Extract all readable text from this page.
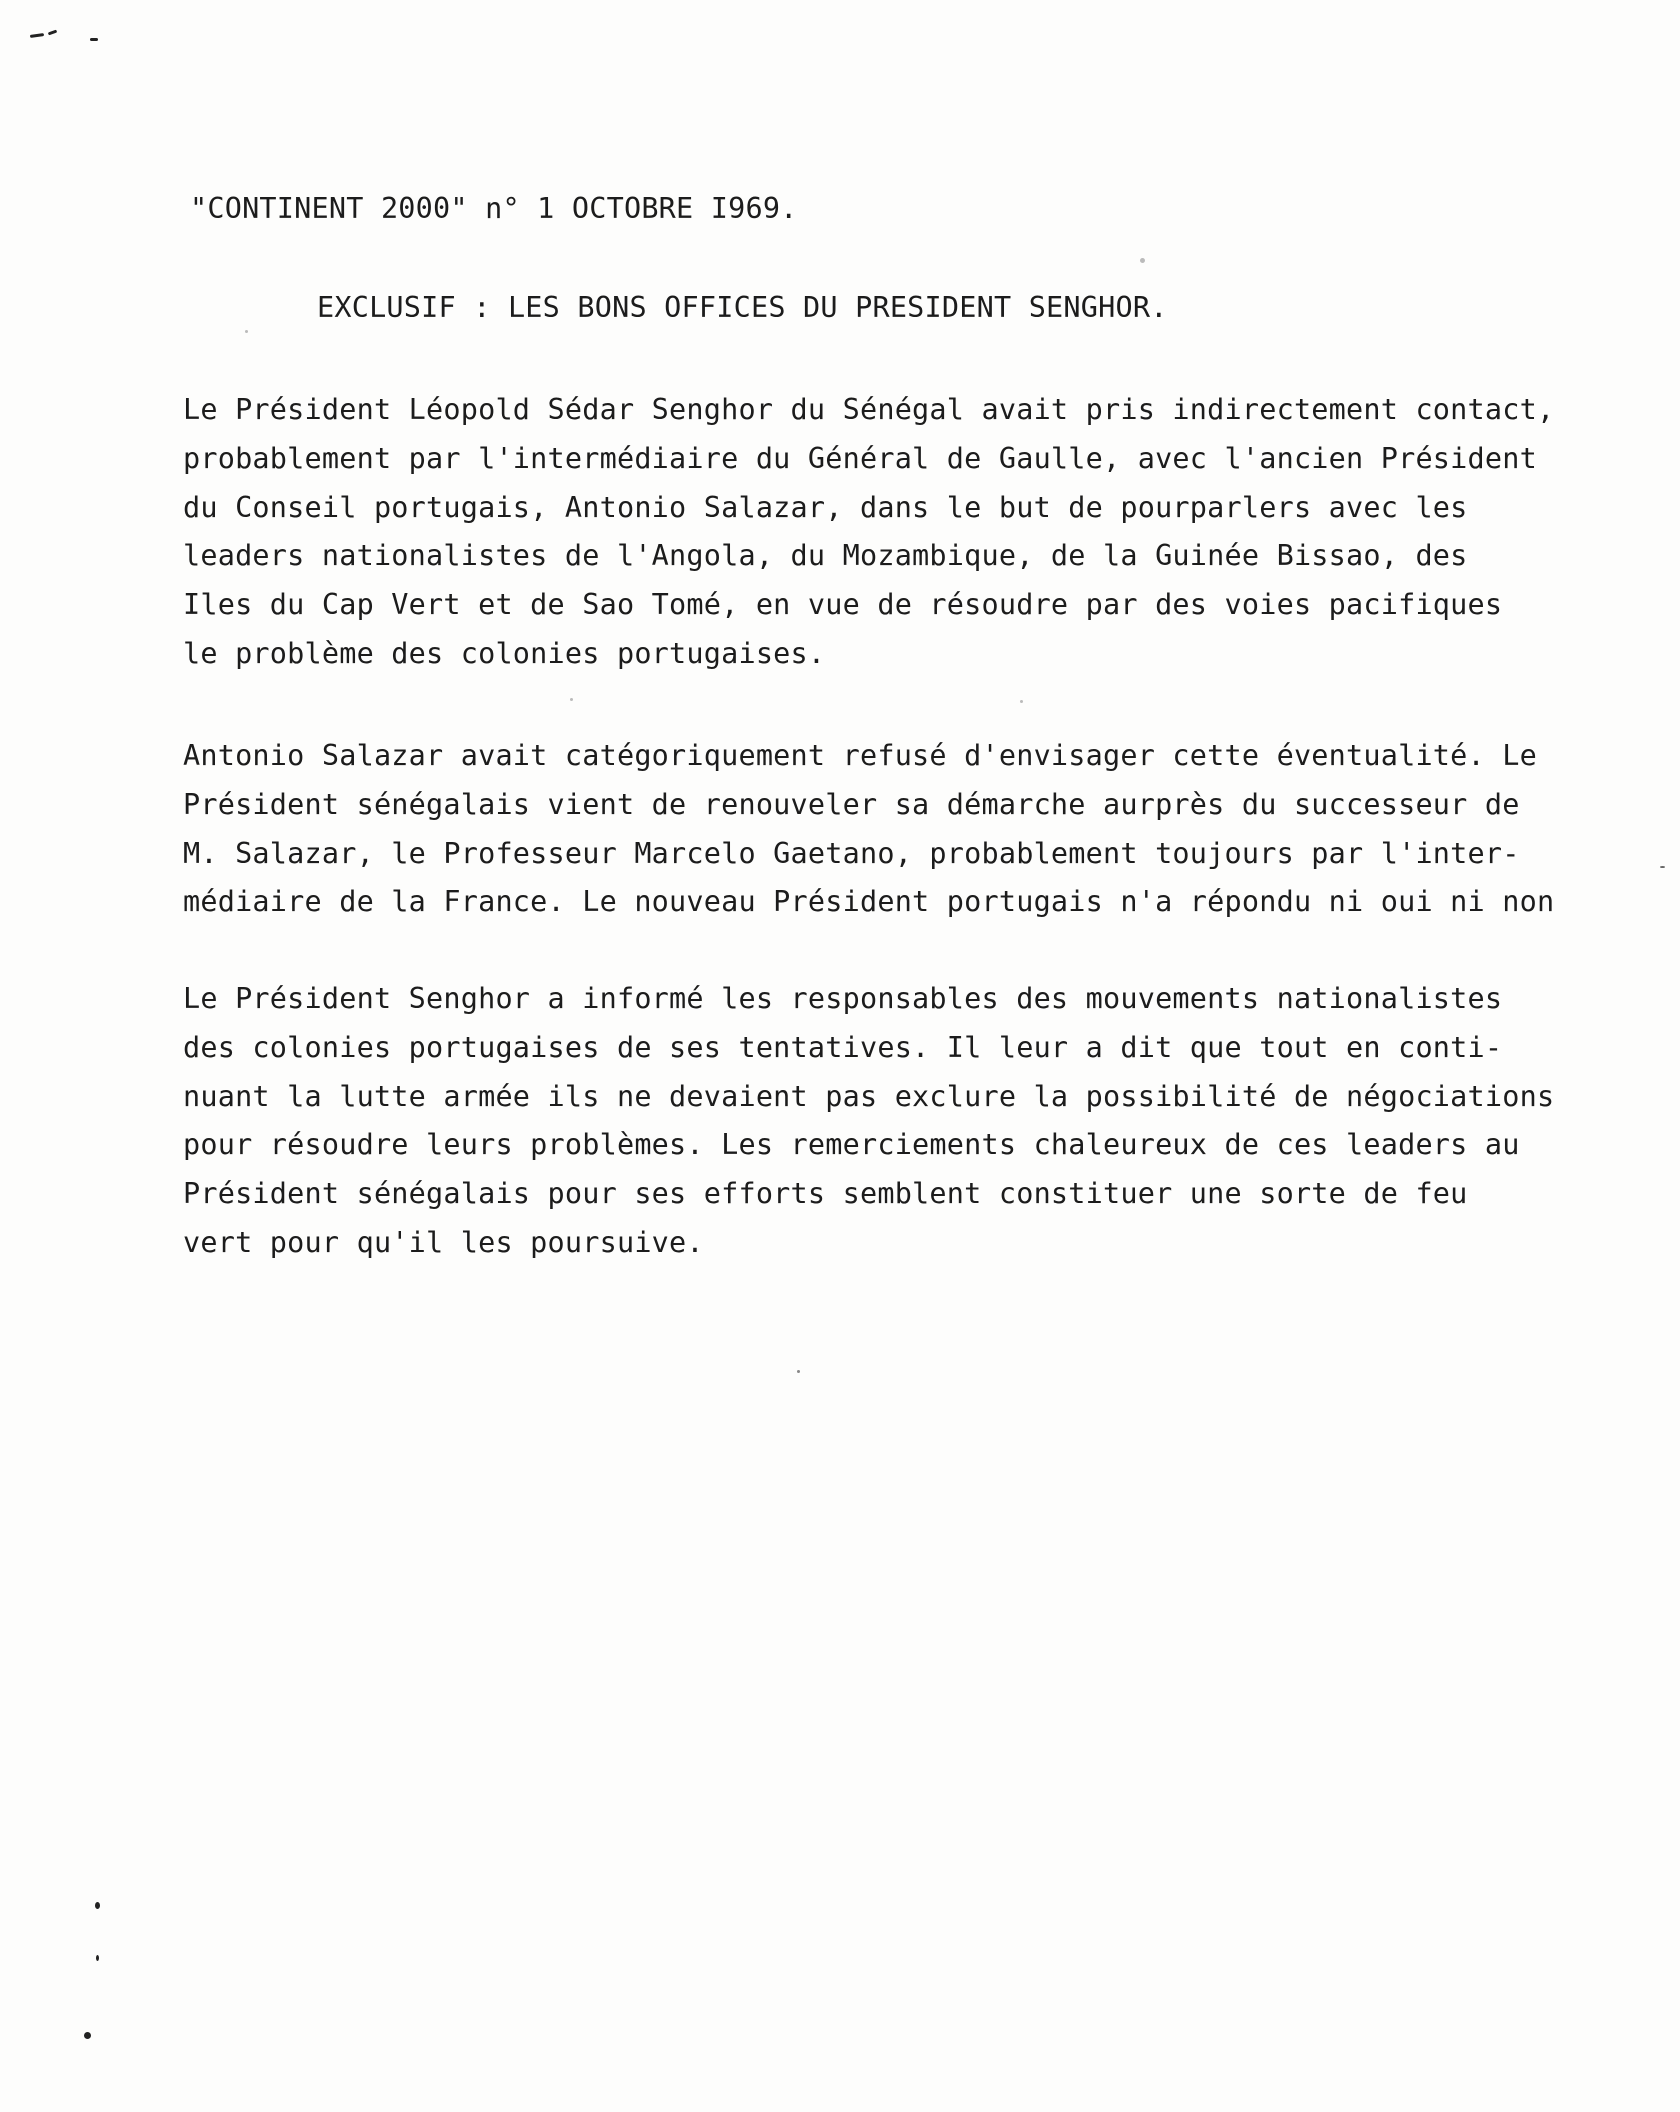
"CONTINENT 2000" n° 1 OCTOBRE I969.
EXCLUSIF : LES BONS OFFICES DU PRESIDENT SENGHOR.
Le Président Léopold Sédar Senghor du Sénégal avait pris indirectement contact,
probablement par l'intermédiaire du Général de Gaulle, avec l'ancien Président
du Conseil portugais, Antonio Salazar, dans le but de pourparlers avec les
leaders nationalistes de l'Angola, du Mozambique, de la Guinée Bissao, des
Iles du Cap Vert et de Sao Tomé, en vue de résoudre par des voies pacifiques
le problème des colonies portugaises.
Antonio Salazar avait catégoriquement refusé d'envisager cette éventualité. Le
Président sénégalais vient de renouveler sa démarche aurprès du successeur de
M. Salazar, le Professeur Marcelo Gaetano, probablement toujours par l'inter-
médiaire de la France. Le nouveau Président portugais n'a répondu ni oui ni non
Le Président Senghor a informé les responsables des mouvements nationalistes
des colonies portugaises de ses tentatives. Il leur a dit que tout en conti-
nuant la lutte armée ils ne devaient pas exclure la possibilité de négociations
pour résoudre leurs problèmes. Les remerciements chaleureux de ces leaders au
Président sénégalais pour ses efforts semblent constituer une sorte de feu
vert pour qu'il les poursuive.
